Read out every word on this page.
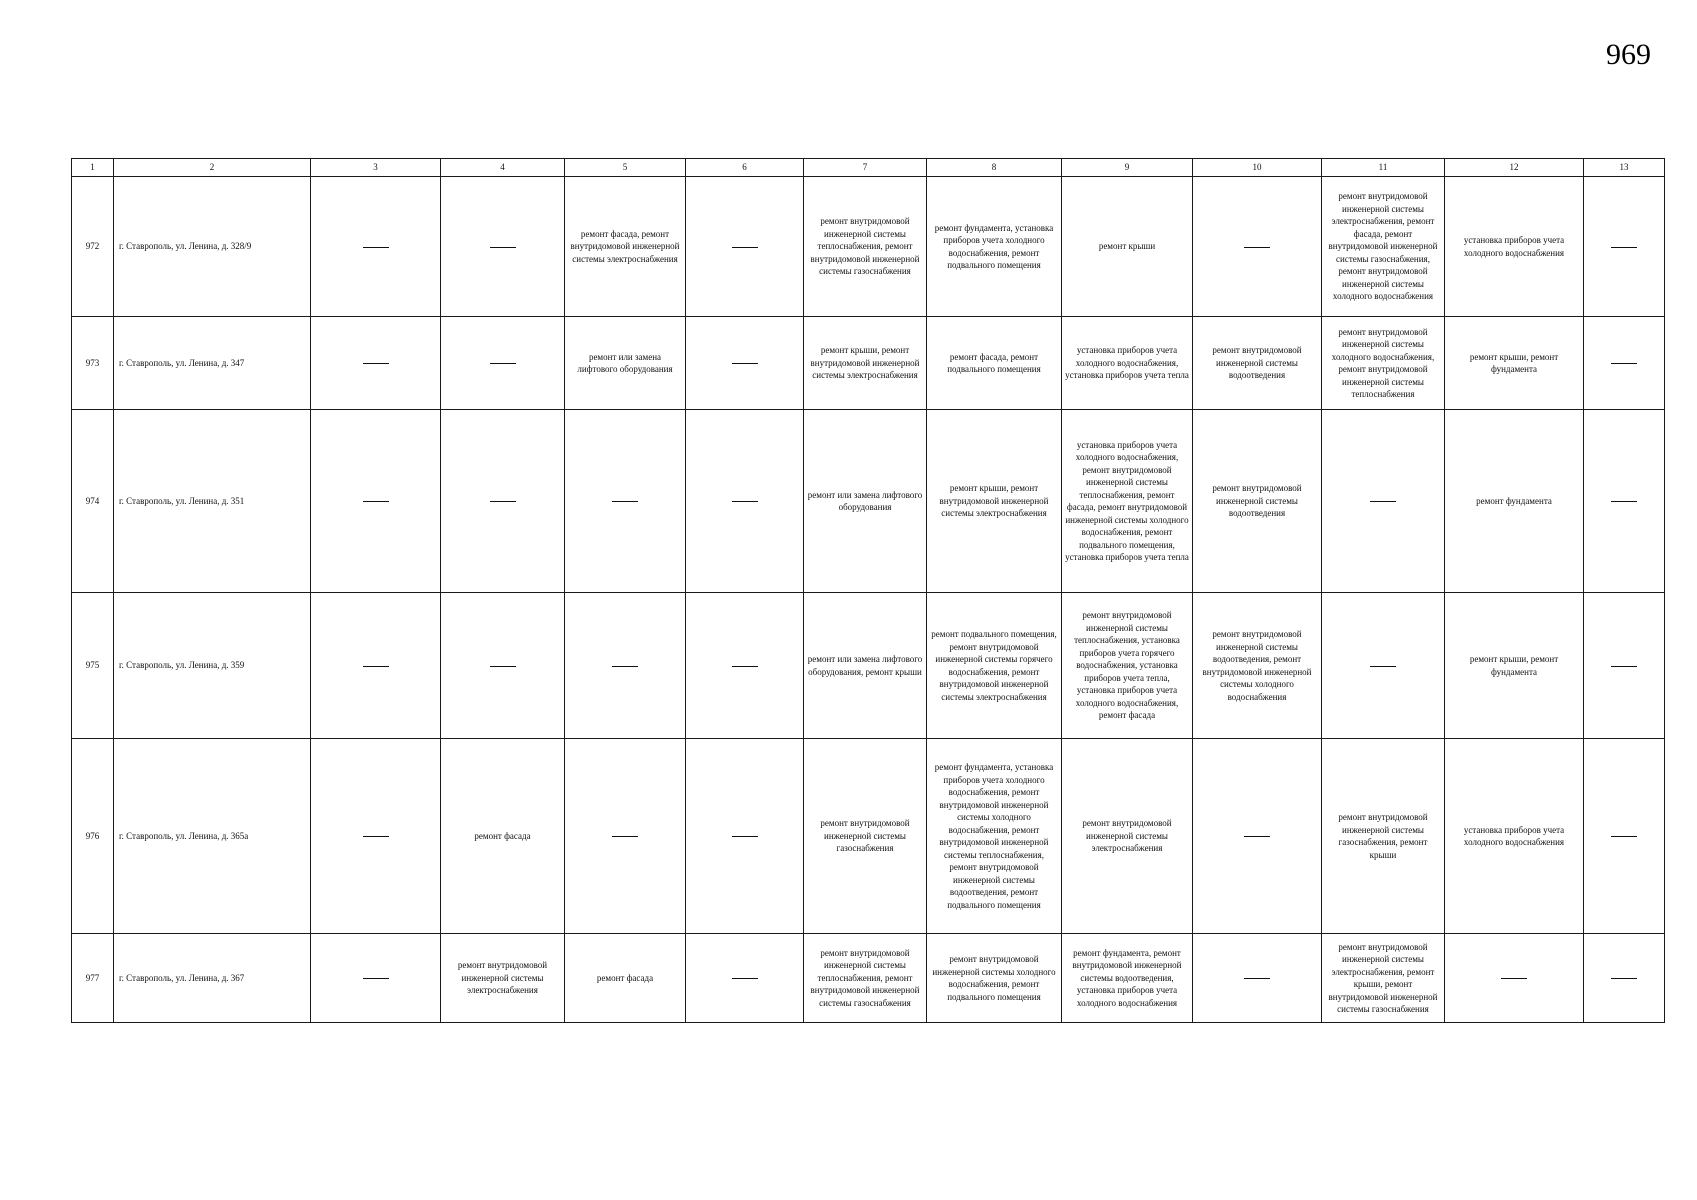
969
1	2	3	4	5	6	7	8	9	10	11	12	13
972	г. Ставрополь, ул. Ленина, д. 328/9			ремонт фасада, ремонт внутридомовой инженерной системы электроснабжения		ремонт внутридомовой инженерной системы теплоснабжения, ремонт внутридомовой инженерной системы газоснабжения	ремонт фундамента, установка приборов учета холодного водоснабжения, ремонт подвального помещения	ремонт крыши		ремонт внутридомовой инженерной системы электроснабжения, ремонт фасада, ремонт внутридомовой инженерной системы газоснабжения, ремонт внутридомовой инженерной системы холодного водоснабжения	установка приборов учета холодного водоснабжения	
973	г. Ставрополь, ул. Ленина, д. 347			ремонт или замена лифтового оборудования		ремонт крыши, ремонт внутридомовой инженерной системы электроснабжения	ремонт фасада, ремонт подвального помещения	установка приборов учета холодного водоснабжения, установка приборов учета тепла	ремонт внутридомовой инженерной системы водоотведения	ремонт внутридомовой инженерной системы холодного водоснабжения, ремонт внутридомовой инженерной системы теплоснабжения	ремонт крыши, ремонт фундамента	
974	г. Ставрополь, ул. Ленина, д. 351					ремонт или замена лифтового оборудования	ремонт крыши, ремонт внутридомовой инженерной системы электроснабжения	установка приборов учета холодного водоснабжения, ремонт внутридомовой инженерной системы теплоснабжения, ремонт фасада, ремонт внутридомовой инженерной системы холодного водоснабжения, ремонт подвального помещения, установка приборов учета тепла	ремонт внутридомовой инженерной системы водоотведения		ремонт фундамента	
975	г. Ставрополь, ул. Ленина, д. 359					ремонт или замена лифтового оборудования, ремонт крыши	ремонт подвального помещения, ремонт внутридомовой инженерной системы горячего водоснабжения, ремонт внутридомовой инженерной системы электроснабжения	ремонт внутридомовой инженерной системы теплоснабжения, установка приборов учета горячего водоснабжения, установка приборов учета тепла, установка приборов учета холодного водоснабжения, ремонт фасада	ремонт внутридомовой инженерной системы водоотведения, ремонт внутридомовой инженерной системы холодного водоснабжения		ремонт крыши, ремонт фундамента	
976	г. Ставрополь, ул. Ленина, д. 365а		ремонт фасада			ремонт внутридомовой инженерной системы газоснабжения	ремонт фундамента, установка приборов учета холодного водоснабжения, ремонт внутридомовой инженерной системы холодного водоснабжения, ремонт внутридомовой инженерной системы теплоснабжения, ремонт внутридомовой инженерной системы водоотведения, ремонт подвального помещения	ремонт внутридомовой инженерной системы электроснабжения		ремонт внутридомовой инженерной системы газоснабжения, ремонт крыши	установка приборов учета холодного водоснабжения	
977	г. Ставрополь, ул. Ленина, д. 367		ремонт внутридомовой инженерной системы электроснабжения	ремонт фасада		ремонт внутридомовой инженерной системы теплоснабжения, ремонт внутридомовой инженерной системы газоснабжения	ремонт внутридомовой инженерной системы холодного водоснабжения, ремонт подвального помещения	ремонт фундамента, ремонт внутридомовой инженерной системы водоотведения, установка приборов учета холодного водоснабжения		ремонт внутридомовой инженерной системы электроснабжения, ремонт крыши, ремонт внутридомовой инженерной системы газоснабжения		
